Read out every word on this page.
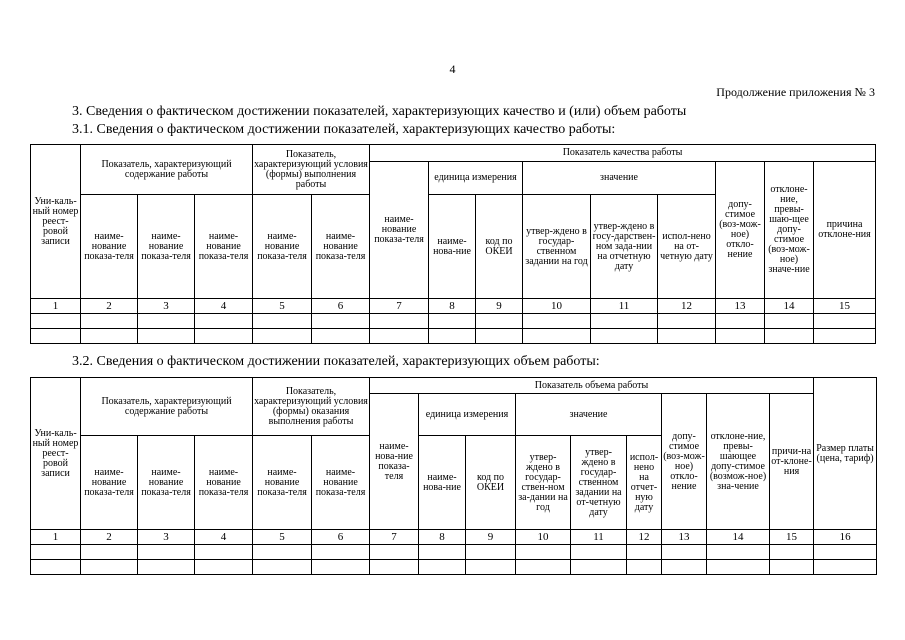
4
Продолжение приложения № 3
3. Сведения о фактическом достижении показателей, характеризующих качество и (или) объем работы
3.1. Сведения о фактическом достижении показателей, характеризующих качество работы:
Уни-каль-ный номер реест-ровой записи	Показатель, характеризующий содержание работы			Показатель, характеризующий условия (формы) выполнения работы		Показатель качества работы								
						наиме-нование показа-теля	единица измерения		значение			допу-стимое (воз-мож-ное) откло-нение	отклоне-ние, превы-шаю-щее допу-стимое (воз-мож-ное) значе-ние	причина отклоне-ния
	наиме-нование показа-теля	наиме-нование показа-теля	наиме-нование показа-теля	наиме-нование показа-теля	наиме-нование показа-теля		наиме-нова-ние	код по ОКЕИ	утвер-ждено в государ-ственном задании на год	утвер-ждено в госу-дарствен-ном зада-нии на отчетную дату	испол-нено на от-четную дату			
1	2	3	4	5	6	7	8	9	10	11	12	13	14	15

3.2. Сведения о фактическом достижении показателей, характеризующих объем работы:
Уни-каль-ный номер реест-ровой записи	Показатель, характеризующий содержание работы			Показатель, характеризующий условия (формы) оказания выполнения работы		Показатель объема работы									Размер платы (цена, тариф)
						наиме-нова-ние показа-теля	единица измерения		значение			допу-стимое (воз-мож-ное) откло-нение	отклоне-ние, превы-шающее допу-стимое (возмож-ное) зна-чение	причи-на от-клоне-ния	
	наиме-нование показа-теля	наиме-нование показа-теля	наиме-нование показа-теля	наиме-нование показа-теля	наиме-нование показа-теля		наиме-нова-ние	код по ОКЕИ	утвер-ждено в государ-ствен-ном за-дании на год	утвер-ждено в государ-ственном задании на от-четную дату	испол-нено на отчет-ную дату				
1	2	3	4	5	6	7	8	9	10	11	12	13	14	15	16
